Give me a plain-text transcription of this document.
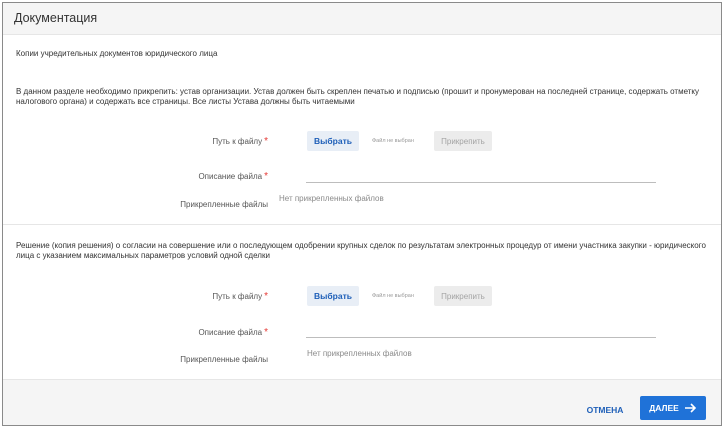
Документация
Копии учредительных документов юридического лица
В данном разделе необходимо прикрепить: устав организации. Устав должен быть скреплен печатью и подписью (прошит и пронумерован на последней странице, содержать отметку налогового органа) и содержать все страницы. Все листы Устава должны быть читаемыми
Путь к файлу *	Выбрать	Файл не выбран	Прикрепить
Описание файла *
Прикрепленные файлы
Нет прикрепленных файлов
Решение (копия решения) о согласии на совершение или о последующем одобрении крупных сделок по результатам электронных процедур от имени участника закупки - юридического лица с указанием максимальных параметров условий одной сделки
Путь к файлу *	Выбрать	Файл не выбран	Прикрепить
Описание файла *
Прикрепленные файлы
Нет прикрепленных файлов
ОТМЕНА	ДАЛЕЕ
